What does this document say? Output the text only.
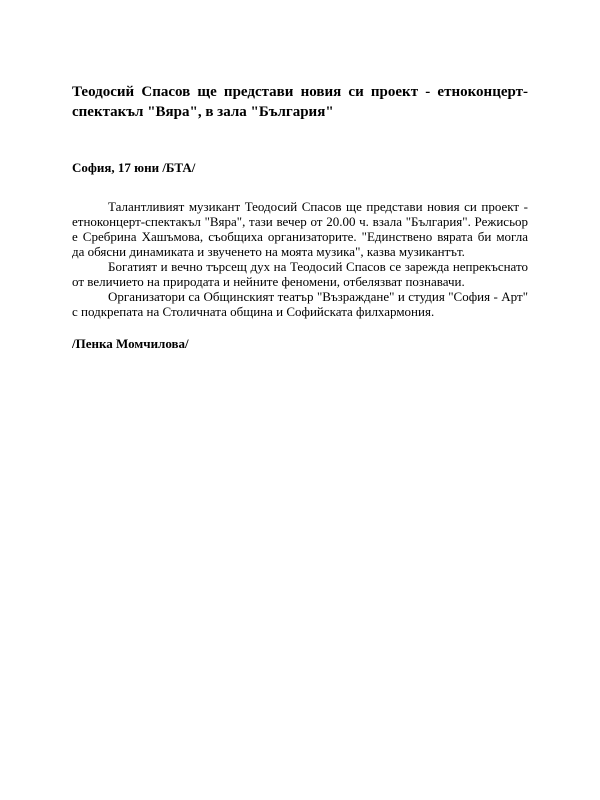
Теодосий Спасов ще представи новия си проект - етноконцерт-спектакъл "Вяра", в зала "България"

София, 17 юни /БТА/

Талантливият музикант Теодосий Спасов ще представи новия си проект - етноконцерт-спектакъл "Вяра", тази вечер от 20.00 ч. взала "България". Режисьор е Сребрина Хашъмова, съобщиха организаторите. "Единствено вярата би могла да обясни динамиката и звученето на моята музика", казва музикантът.

Богатият и вечно търсещ дух на Теодосий Спасов се зарежда непрекъснато от величието на природата и нейните феномени, отбелязват познавачи.

Организатори са Общинският театър "Възраждане" и студия "София - Арт" с подкрепата на Столичната община и Софийската филхармония.

/Пенка Момчилова/
